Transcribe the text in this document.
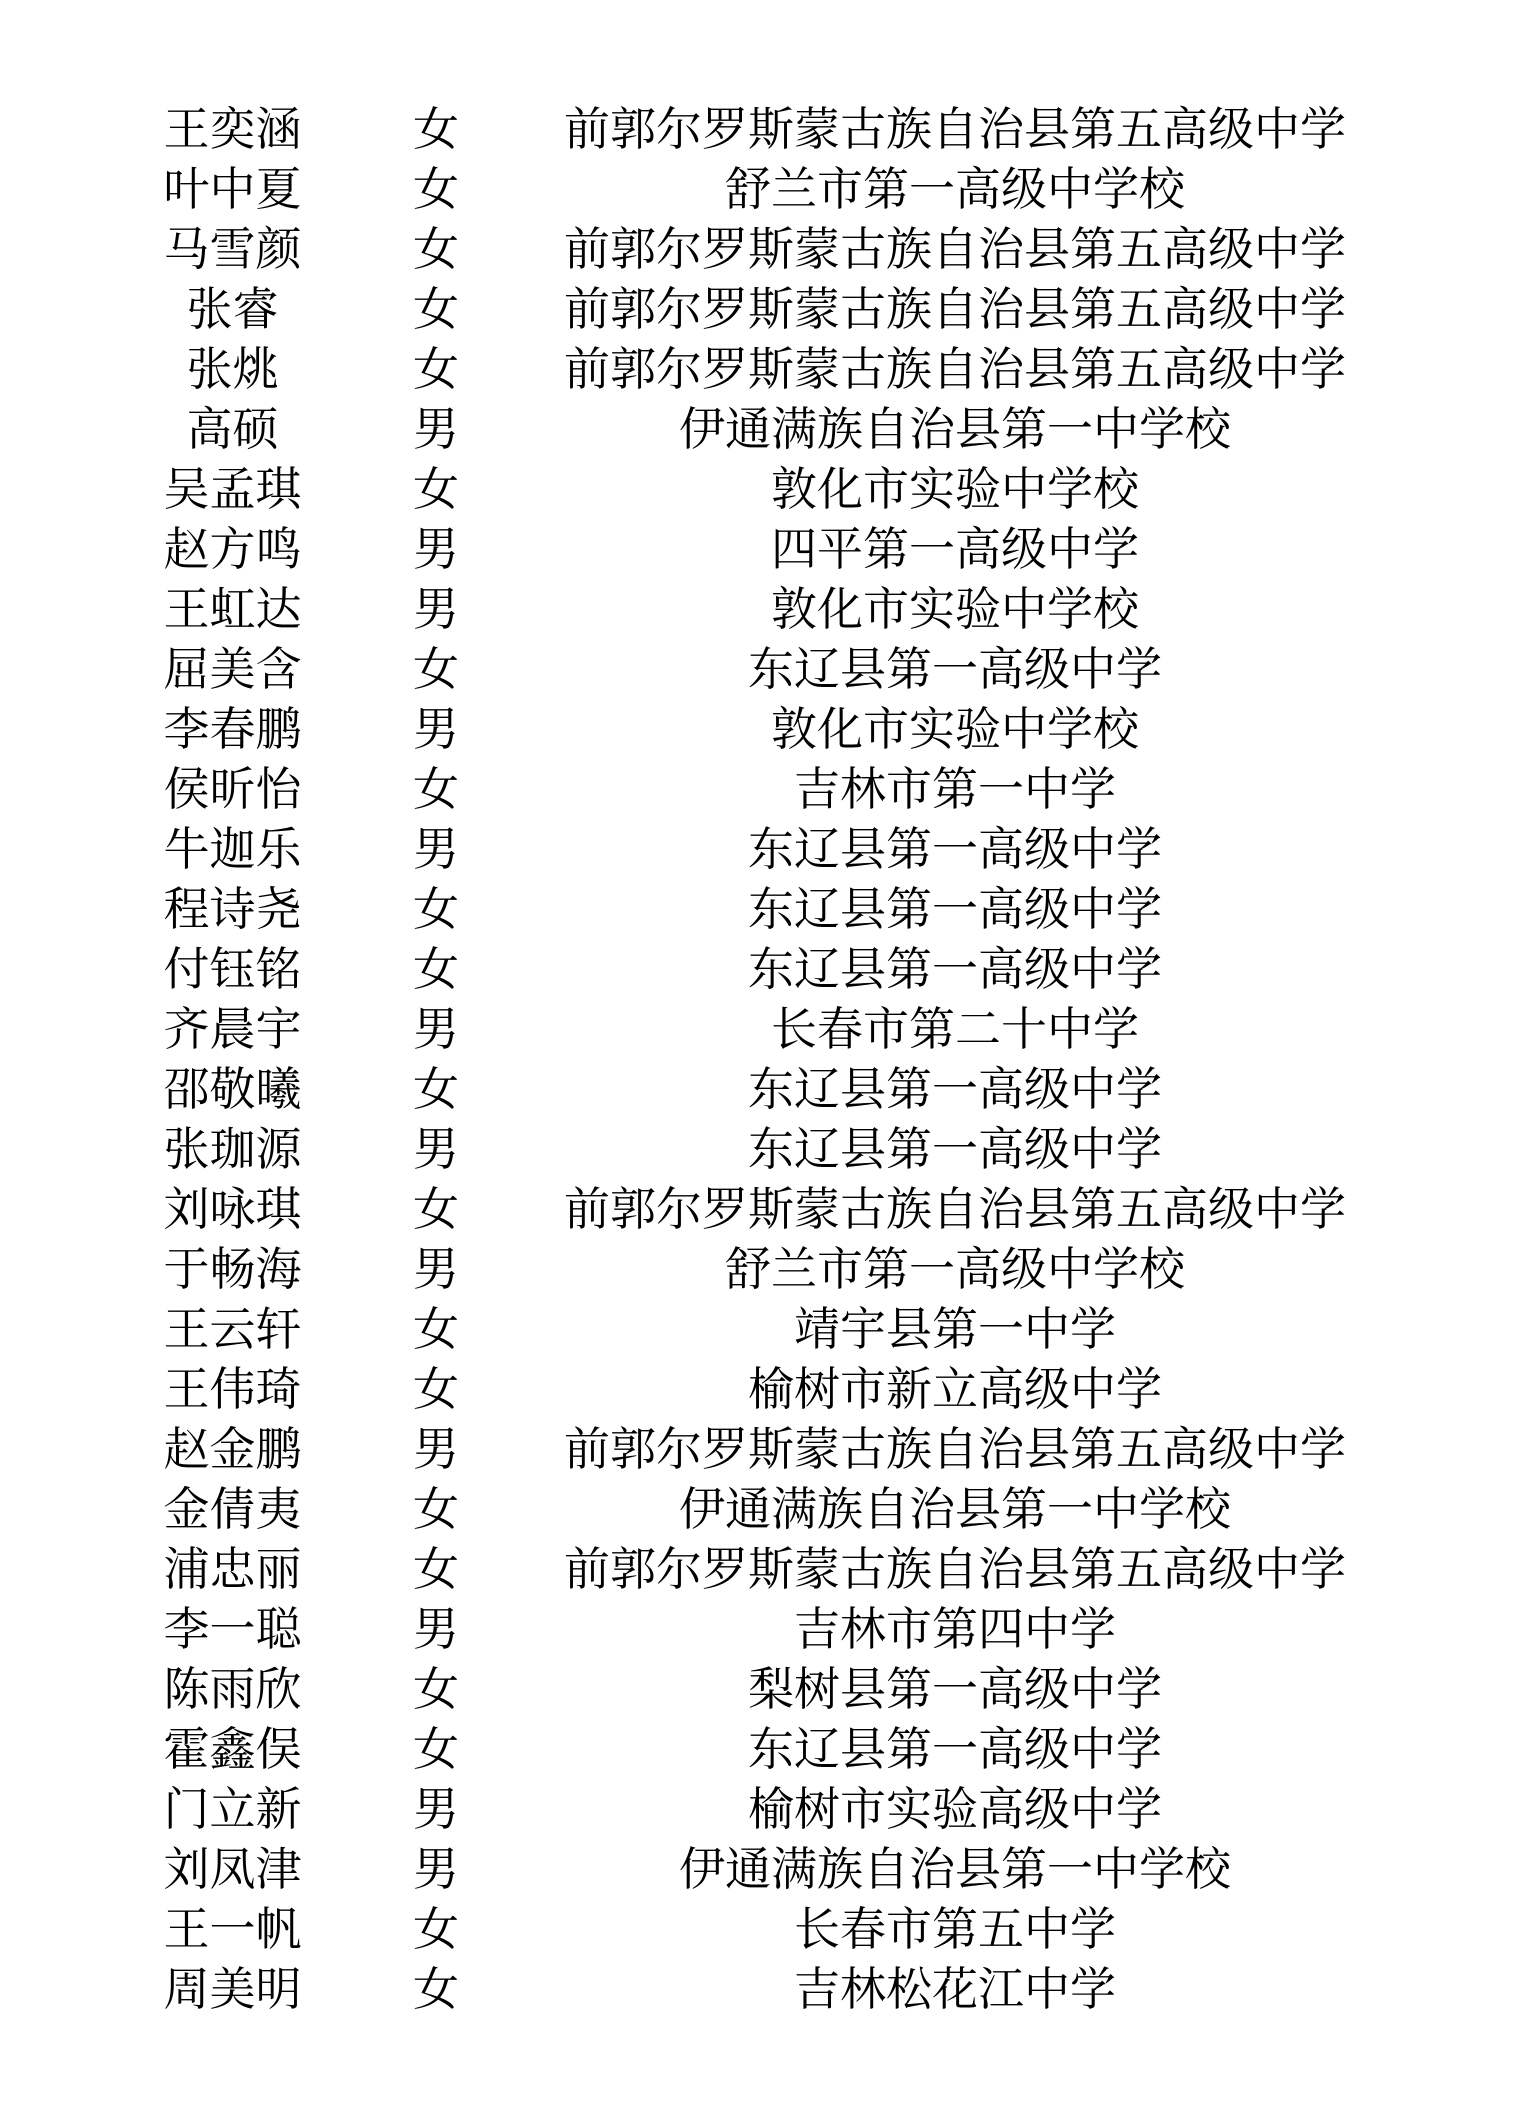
王奕涵 女	前郭尔罗斯蒙古族自治县第五高级中学
叶中夏 女	舒兰市第一高级中学校
马雪颜 女	前郭尔罗斯蒙古族自治县第五高级中学
张睿	女	前郭尔罗斯蒙古族自治县第五高级中学
张烑	女	前郭尔罗斯蒙古族自治县第五高级中学
高硕	男	伊通满族自治县第一中学校
吴孟琪 女	敦化市实验中学校
赵方鸣 男	四平第一高级中学
王虹达 男	敦化市实验中学校
屈美含 女	东辽县第一高级中学
李春鹏 男	敦化市实验中学校
侯昕怡 女	吉林市第一中学
牛迦乐 男	东辽县第一高级中学
程诗尧 女	东辽县第一高级中学
付钰铭 女	东辽县第一高级中学
齐晨宇 男	长春市第二十中学
邵敬曦 女	东辽县第一高级中学
张珈源 男	东辽县第一高级中学
刘咏琪 女	前郭尔罗斯蒙古族自治县第五高级中学
于畅海 男	舒兰市第一高级中学校
王云轩 女	靖宇县第一中学
王伟琦 女	榆树市新立高级中学
赵金鹏 男	前郭尔罗斯蒙古族自治县第五高级中学
金倩夷 女	伊通满族自治县第一中学校
浦忠丽 女	前郭尔罗斯蒙古族自治县第五高级中学
李一聪 男	吉林市第四中学
陈雨欣 女	梨树县第一高级中学
霍鑫俣 女	东辽县第一高级中学
门立新 男	榆树市实验高级中学
刘凤津 男	伊通满族自治县第一中学校
王一帆 女	长春市第五中学
周美明 女	吉林松花江中学
